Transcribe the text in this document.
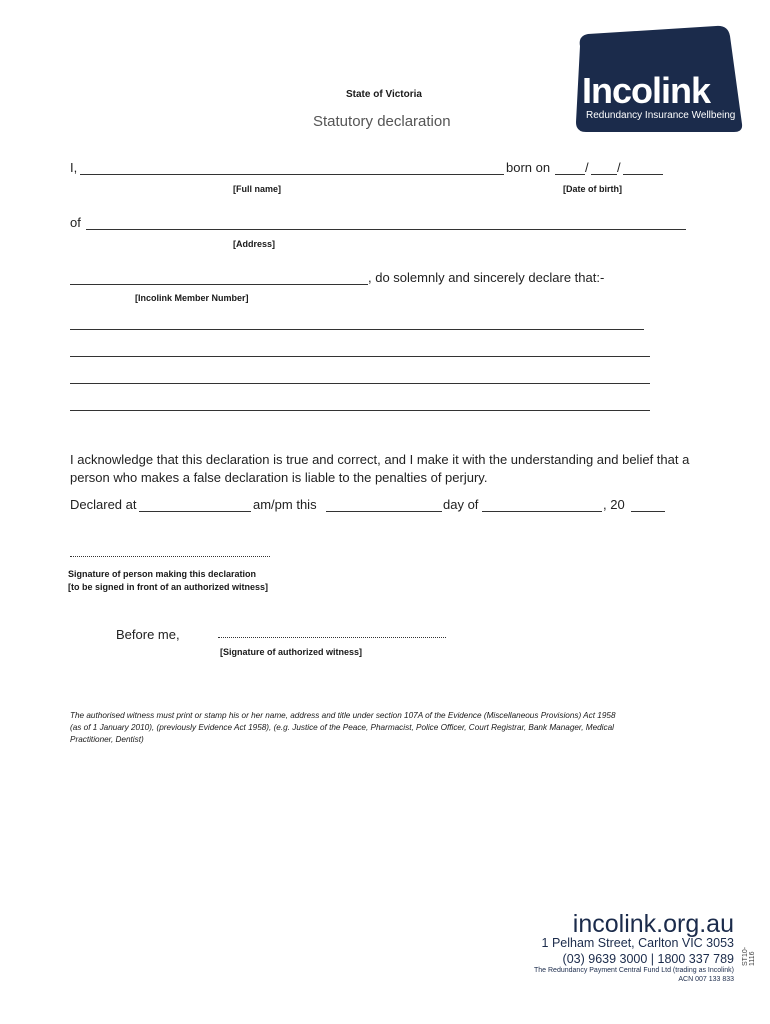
Incolink
Redundancy Insurance Wellbeing
State of Victoria
Statutory declaration
I,	born on	/ /
[Full name]	[Date of birth]
of
[Address]
, do solemnly and sincerely declare that:-
[Incolink Member Number]
I acknowledge that this declaration is true and correct, and I make it with the understanding and belief that a
person who makes a false declaration is liable to the penalties of perjury.
Declared at	am/pm this	day of	, 20
Signature of person making this declaration
[to be signed in front of an authorized witness]
Before me,
[Signature of authorized witness]
The authorised witness must print or stamp his or her name, address and title under section 107A of the Evidence (Miscellaneous Provisions) Act 1958
(as of 1 January 2010), (previously Evidence Act 1958), (e.g. Justice of the Peace, Pharmacist, Police Officer, Court Registrar, Bank Manager, Medical
Practitioner, Dentist)
incolink.org.au
1 Pelham Street, Carlton VIC 3053
(03) 9639 3000 | 1800 337 789
The Redundancy Payment Central Fund Ltd (trading as Incolink)
ACN 007 133 833
ST10-1116
